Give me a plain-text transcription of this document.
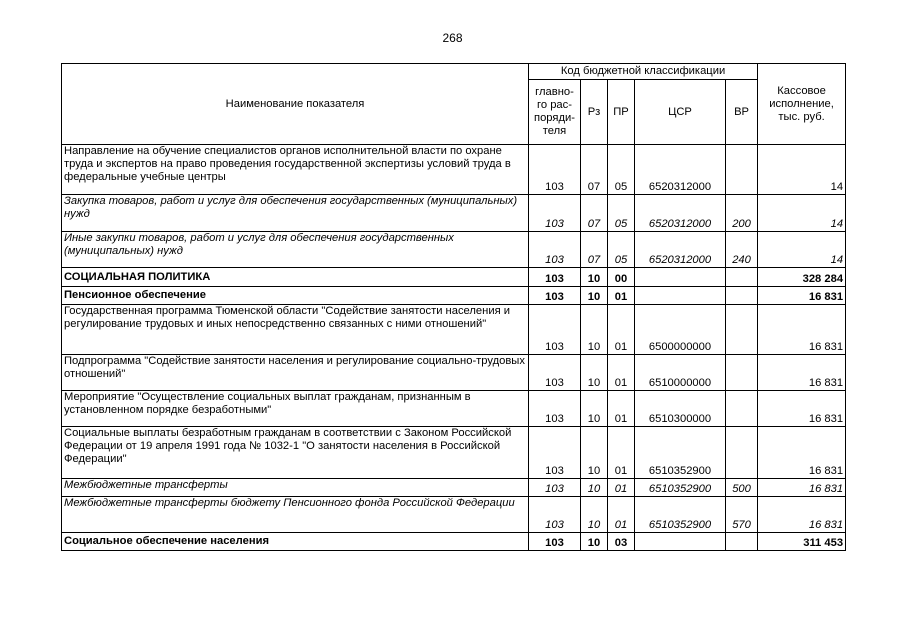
268
Наименование показателя	Код бюджетной классификации					Кассовое исполнение, тыс. руб.
	главно-го рас-поряди-теля	Рз	ПР	ЦСР	ВР	
Направление на обучение специалистов органов исполнительной власти по охране труда и экспертов на право проведения государственной экспертизы условий труда в федеральные учебные центры	103	07	05	6520312000		14
Закупка товаров, работ и услуг для обеспечения государственных (муниципальных) нужд	103	07	05	6520312000	200	14
Иные закупки товаров, работ и услуг для обеспечения государственных (муниципальных) нужд	103	07	05	6520312000	240	14
СОЦИАЛЬНАЯ ПОЛИТИКА	103	10	00			328 284
Пенсионное обеспечение	103	10	01			16 831
Государственная программа Тюменской области "Содействие занятости населения и регулирование трудовых и иных непосредственно связанных с ними отношений"	103	10	01	6500000000		16 831
Подпрограмма "Содействие занятости населения и регулирование социально-трудовых отношений"	103	10	01	6510000000		16 831
Мероприятие "Осуществление социальных выплат гражданам, признанным в установленном порядке безработными"	103	10	01	6510300000		16 831
Социальные выплаты безработным гражданам в соответствии с Законом Российской Федерации от 19 апреля 1991 года № 1032-1 "О занятости населения в Российской Федерации"	103	10	01	6510352900		16 831
Межбюджетные трансферты	103	10	01	6510352900	500	16 831
Межбюджетные трансферты бюджету Пенсионного фонда Российской Федерации	103	10	01	6510352900	570	16 831
Социальное обеспечение населения	103	10	03			311 453
